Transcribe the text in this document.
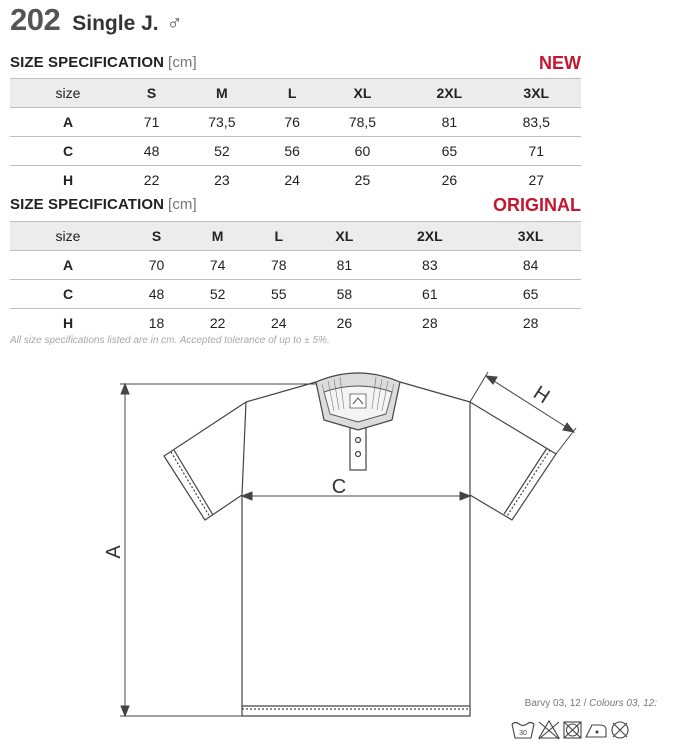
202 Single J. ♂
SIZE SPECIFICATION [cm]	NEW
size	S	M	L	XL	2XL	3XL
A	71	73,5	76	78,5	81	83,5
C	48	52	56	60	65	71
H	22	23	24	25	26	27
SIZE SPECIFICATION [cm]	ORIGINAL
size	S	M	L	XL	2XL	3XL
A	70	74	78	81	83	84
C	48	52	55	58	61	65
H	18	22	24	26	28	28
All size specifications listed are in cm. Accepted tolerance of up to ± 5%.
A
C
H
Barvy 03, 12 / Colours 03, 12:
30
